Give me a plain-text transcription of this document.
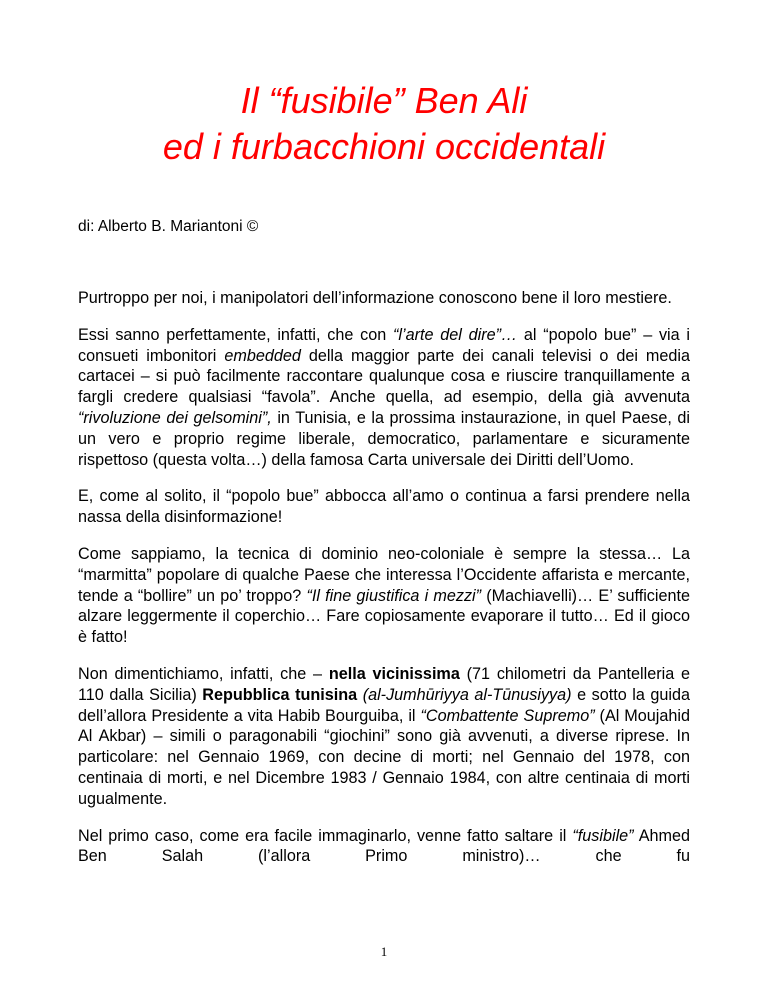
Il “fusibile” Ben Ali
ed i furbacchioni occidentali

di: Alberto B. Mariantoni ©

Purtroppo per noi, i manipolatori dell’informazione conoscono bene il loro mestiere.

Essi sanno perfettamente, infatti, che con “l’arte del dire”… al “popolo bue” – via i consueti imbonitori embedded della maggior parte dei canali televisi o dei media cartacei – si può facilmente raccontare qualunque cosa e riuscire tranquillamente a fargli credere qualsiasi “favola”. Anche quella, ad esempio, della già avvenuta “rivoluzione dei gelsomini”, in Tunisia, e la prossima instaurazione, in quel Paese, di un vero e proprio regime liberale, democratico, parlamentare e sicuramente rispettoso (questa volta…) della famosa Carta universale dei Diritti dell’Uomo.

E, come al solito, il “popolo bue” abbocca all’amo o continua a farsi prendere nella nassa della disinformazione!

Come sappiamo, la tecnica di dominio neo-coloniale è sempre la stessa… La “marmitta” popolare di qualche Paese che interessa l’Occidente affarista e mercante, tende a “bollire” un po’ troppo? “Il fine giustifica i mezzi” (Machiavelli)… E’ sufficiente alzare leggermente il coperchio… Fare copiosamente evaporare il tutto… Ed il gioco è fatto!

Non dimentichiamo, infatti, che – nella vicinissima (71 chilometri da Pantelleria e 110 dalla Sicilia) Repubblica tunisina (al-Jumhūriyya al-Tūnusiyya) e sotto la guida dell’allora Presidente a vita Habib Bourguiba, il “Combattente Supremo” (Al Moujahid Al Akbar) – simili o paragonabili “giochini” sono già avvenuti, a diverse riprese. In particolare: nel Gennaio 1969, con decine di morti; nel Gennaio del 1978, con centinaia di morti, e nel Dicembre 1983 / Gennaio 1984, con altre centinaia di morti ugualmente.

Nel primo caso, come era facile immaginarlo, venne fatto saltare il “fusibile” Ahmed Ben Salah (l’allora Primo ministro)… che fu

1
